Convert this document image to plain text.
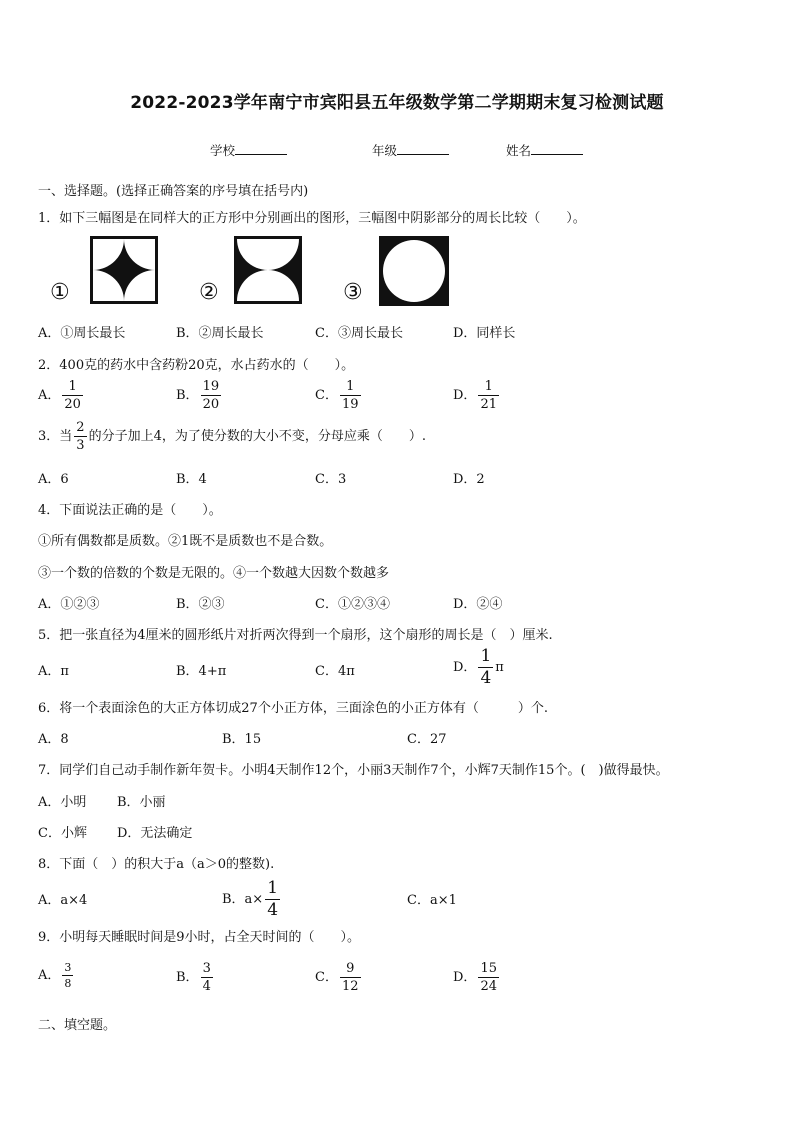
2022-2023学年南宁市宾阳县五年级数学第二学期期末复习检测试题
学校	年级	姓名
一、选择题。(选择正确答案的序号填在括号内)
1．如下三幅图是在同样大的正方形中分别画出的图形，三幅图中阴影部分的周长比较（　　）。
①	②	③
A．①周长最长	B．②周长最长	C．③周长最长	D．同样长
2．400克的药水中含药粉20克，水占药水的（　　）。
A． $\frac{1}{20}$	B． $\frac{19}{20}$	C． $\frac{1}{19}$	D． $\frac{1}{21}$
3．当 $\frac{2}{3}$ 的分子加上4，为了使分数的大小不变，分母应乘（　　）.
A．6	B．4	C．3	D．2
4．下面说法正确的是（　　）。
①所有偶数都是质数。②1既不是质数也不是合数。
③一个数的倍数的个数是无限的。④一个数越大因数个数越多
A．①②③	B．②③	C．①②③④	D．②④
5．把一张直径为4厘米的圆形纸片对折两次得到一个扇形，这个扇形的周长是（　）厘米.
A．π	B．4+π	C．4π	D． $\frac{1}{4}$ π
6．将一个表面涂色的大正方体切成27个小正方体，三面涂色的小正方体有（　　　）个.
A．8	B．15	C．27
7．同学们自己动手制作新年贺卡。小明4天制作12个，小丽3天制作7个，小辉7天制作15个。(　)做得最快。
A．小明 B．小丽
C．小辉 D．无法确定
8．下面（　）的积大于a（a＞0的整数).
A．a×4	B．$a\times \frac{1}{4}$	C．a×1
9．小明每天睡眠时间是9小时，占全天时间的（　　）。
A． $\frac{3}{8}$	B． $\frac{3}{4}$	C． $\frac{9}{12}$	D． $\frac{15}{24}$
二、填空题。
